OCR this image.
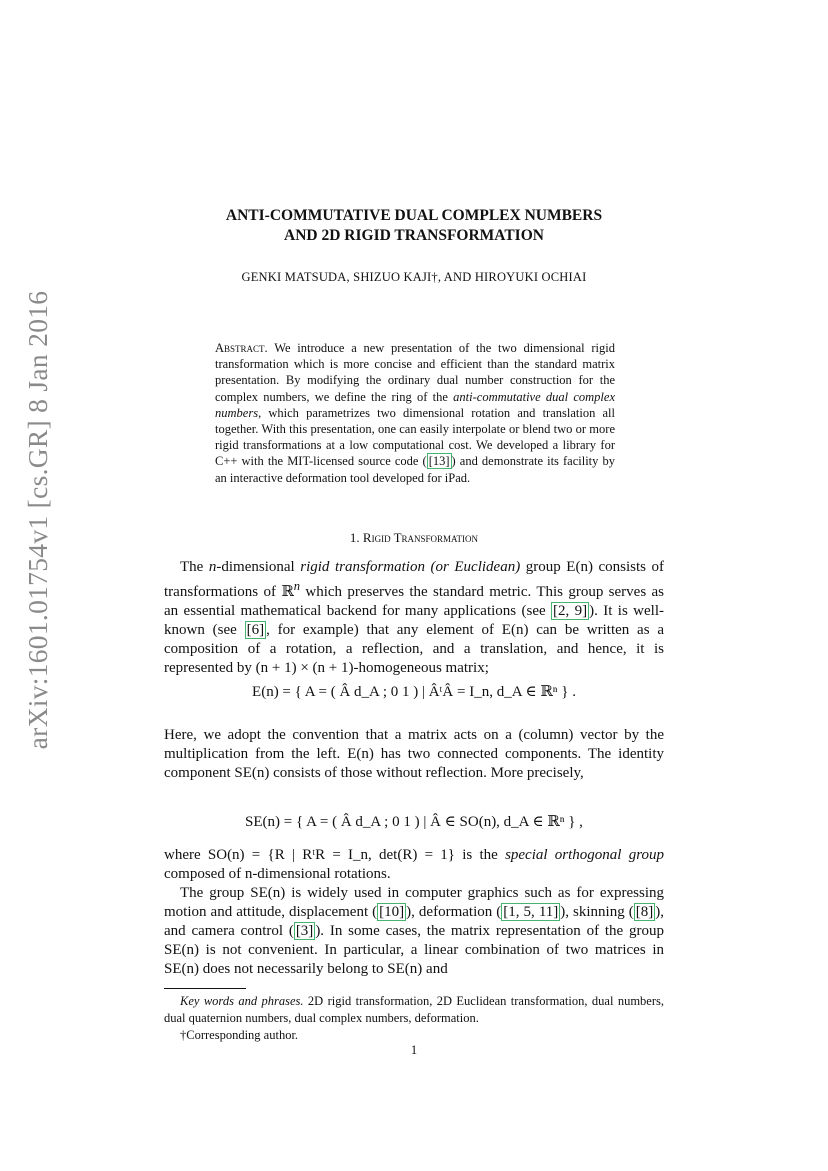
arXiv:1601.01754v1 [cs.GR] 8 Jan 2016
ANTI-COMMUTATIVE DUAL COMPLEX NUMBERS
AND 2D RIGID TRANSFORMATION
GENKI MATSUDA, SHIZUO KAJI†, AND HIROYUKI OCHIAI
Abstract. We introduce a new presentation of the two dimensional rigid transformation which is more concise and efficient than the standard matrix presentation. By modifying the ordinary dual number construction for the complex numbers, we define the ring of the anti-commutative dual complex numbers, which parametrizes two dimensional rotation and translation all together. With this presentation, one can easily interpolate or blend two or more rigid transformations at a low computational cost. We developed a library for C++ with the MIT-licensed source code ( [13] ) and demonstrate its facility by an interactive deformation tool developed for iPad.
1. Rigid Transformation
The n-dimensional rigid transformation (or Euclidean) group E(n) consists of transformations of ℝ$^n$ which preserves the standard metric. This group serves as an essential mathematical backend for many applications (see [2, 9] ). It is well-known (see [6] , for example) that any element of E(n) can be written as a composition of a rotation, a reflection, and a translation, and hence, it is represented by (n + 1) × (n + 1)-homogeneous matrix;
E(n) = { A = ( Â d_A ; 0 1 ) | ÂᵗÂ = I_n, d_A ∈ ℝⁿ } .
Here, we adopt the convention that a matrix acts on a (column) vector by the multiplication from the left. E(n) has two connected components. The identity component SE(n) consists of those without reflection. More precisely,
SE(n) = { A = ( Â d_A ; 0 1 ) | Â ∈ SO(n), d_A ∈ ℝⁿ } ,
where SO(n) = {R | RᵗR = I_n, det(R) = 1} is the special orthogonal group composed of n-dimensional rotations.
The group SE(n) is widely used in computer graphics such as for expressing motion and attitude, displacement ( [10] ), deformation ( [1, 5, 11] ), skinning ( [8] ), and camera control ( [3] ). In some cases, the matrix representation of the group SE(n) is not convenient. In particular, a linear combination of two matrices in SE(n) does not necessarily belong to SE(n) and
Key words and phrases. 2D rigid transformation, 2D Euclidean transformation, dual numbers, dual quaternion numbers, dual complex numbers, deformation.
†Corresponding author.
1
